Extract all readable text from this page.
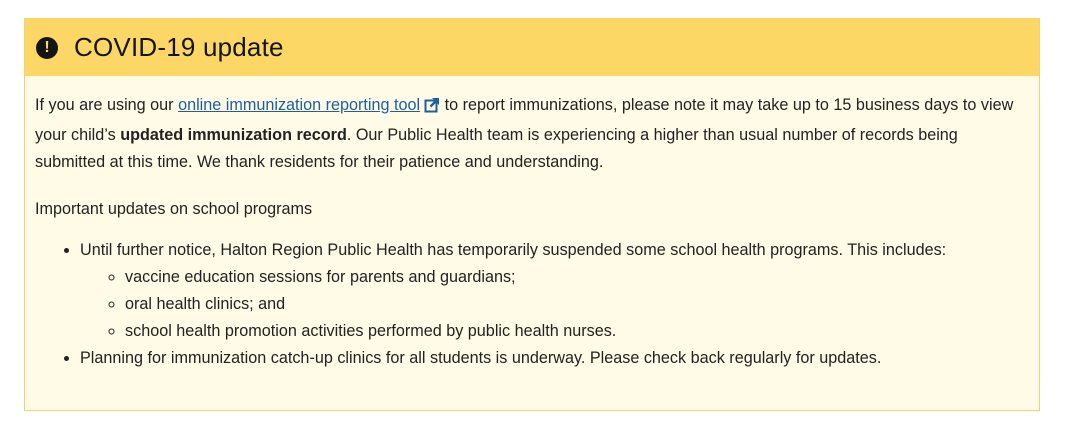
! COVID-19 update

If you are using our online immunization reporting tool to report immunizations, please note it may take up to 15 business days to view your child’s updated immunization record. Our Public Health team is experiencing a higher than usual number of records being submitted at this time. We thank residents for their patience and understanding.

Important updates on school programs

• Until further notice, Halton Region Public Health has temporarily suspended some school health programs. This includes:
◦ vaccine education sessions for parents and guardians;
◦ oral health clinics; and
◦ school health promotion activities performed by public health nurses.
• Planning for immunization catch-up clinics for all students is underway. Please check back regularly for updates.
